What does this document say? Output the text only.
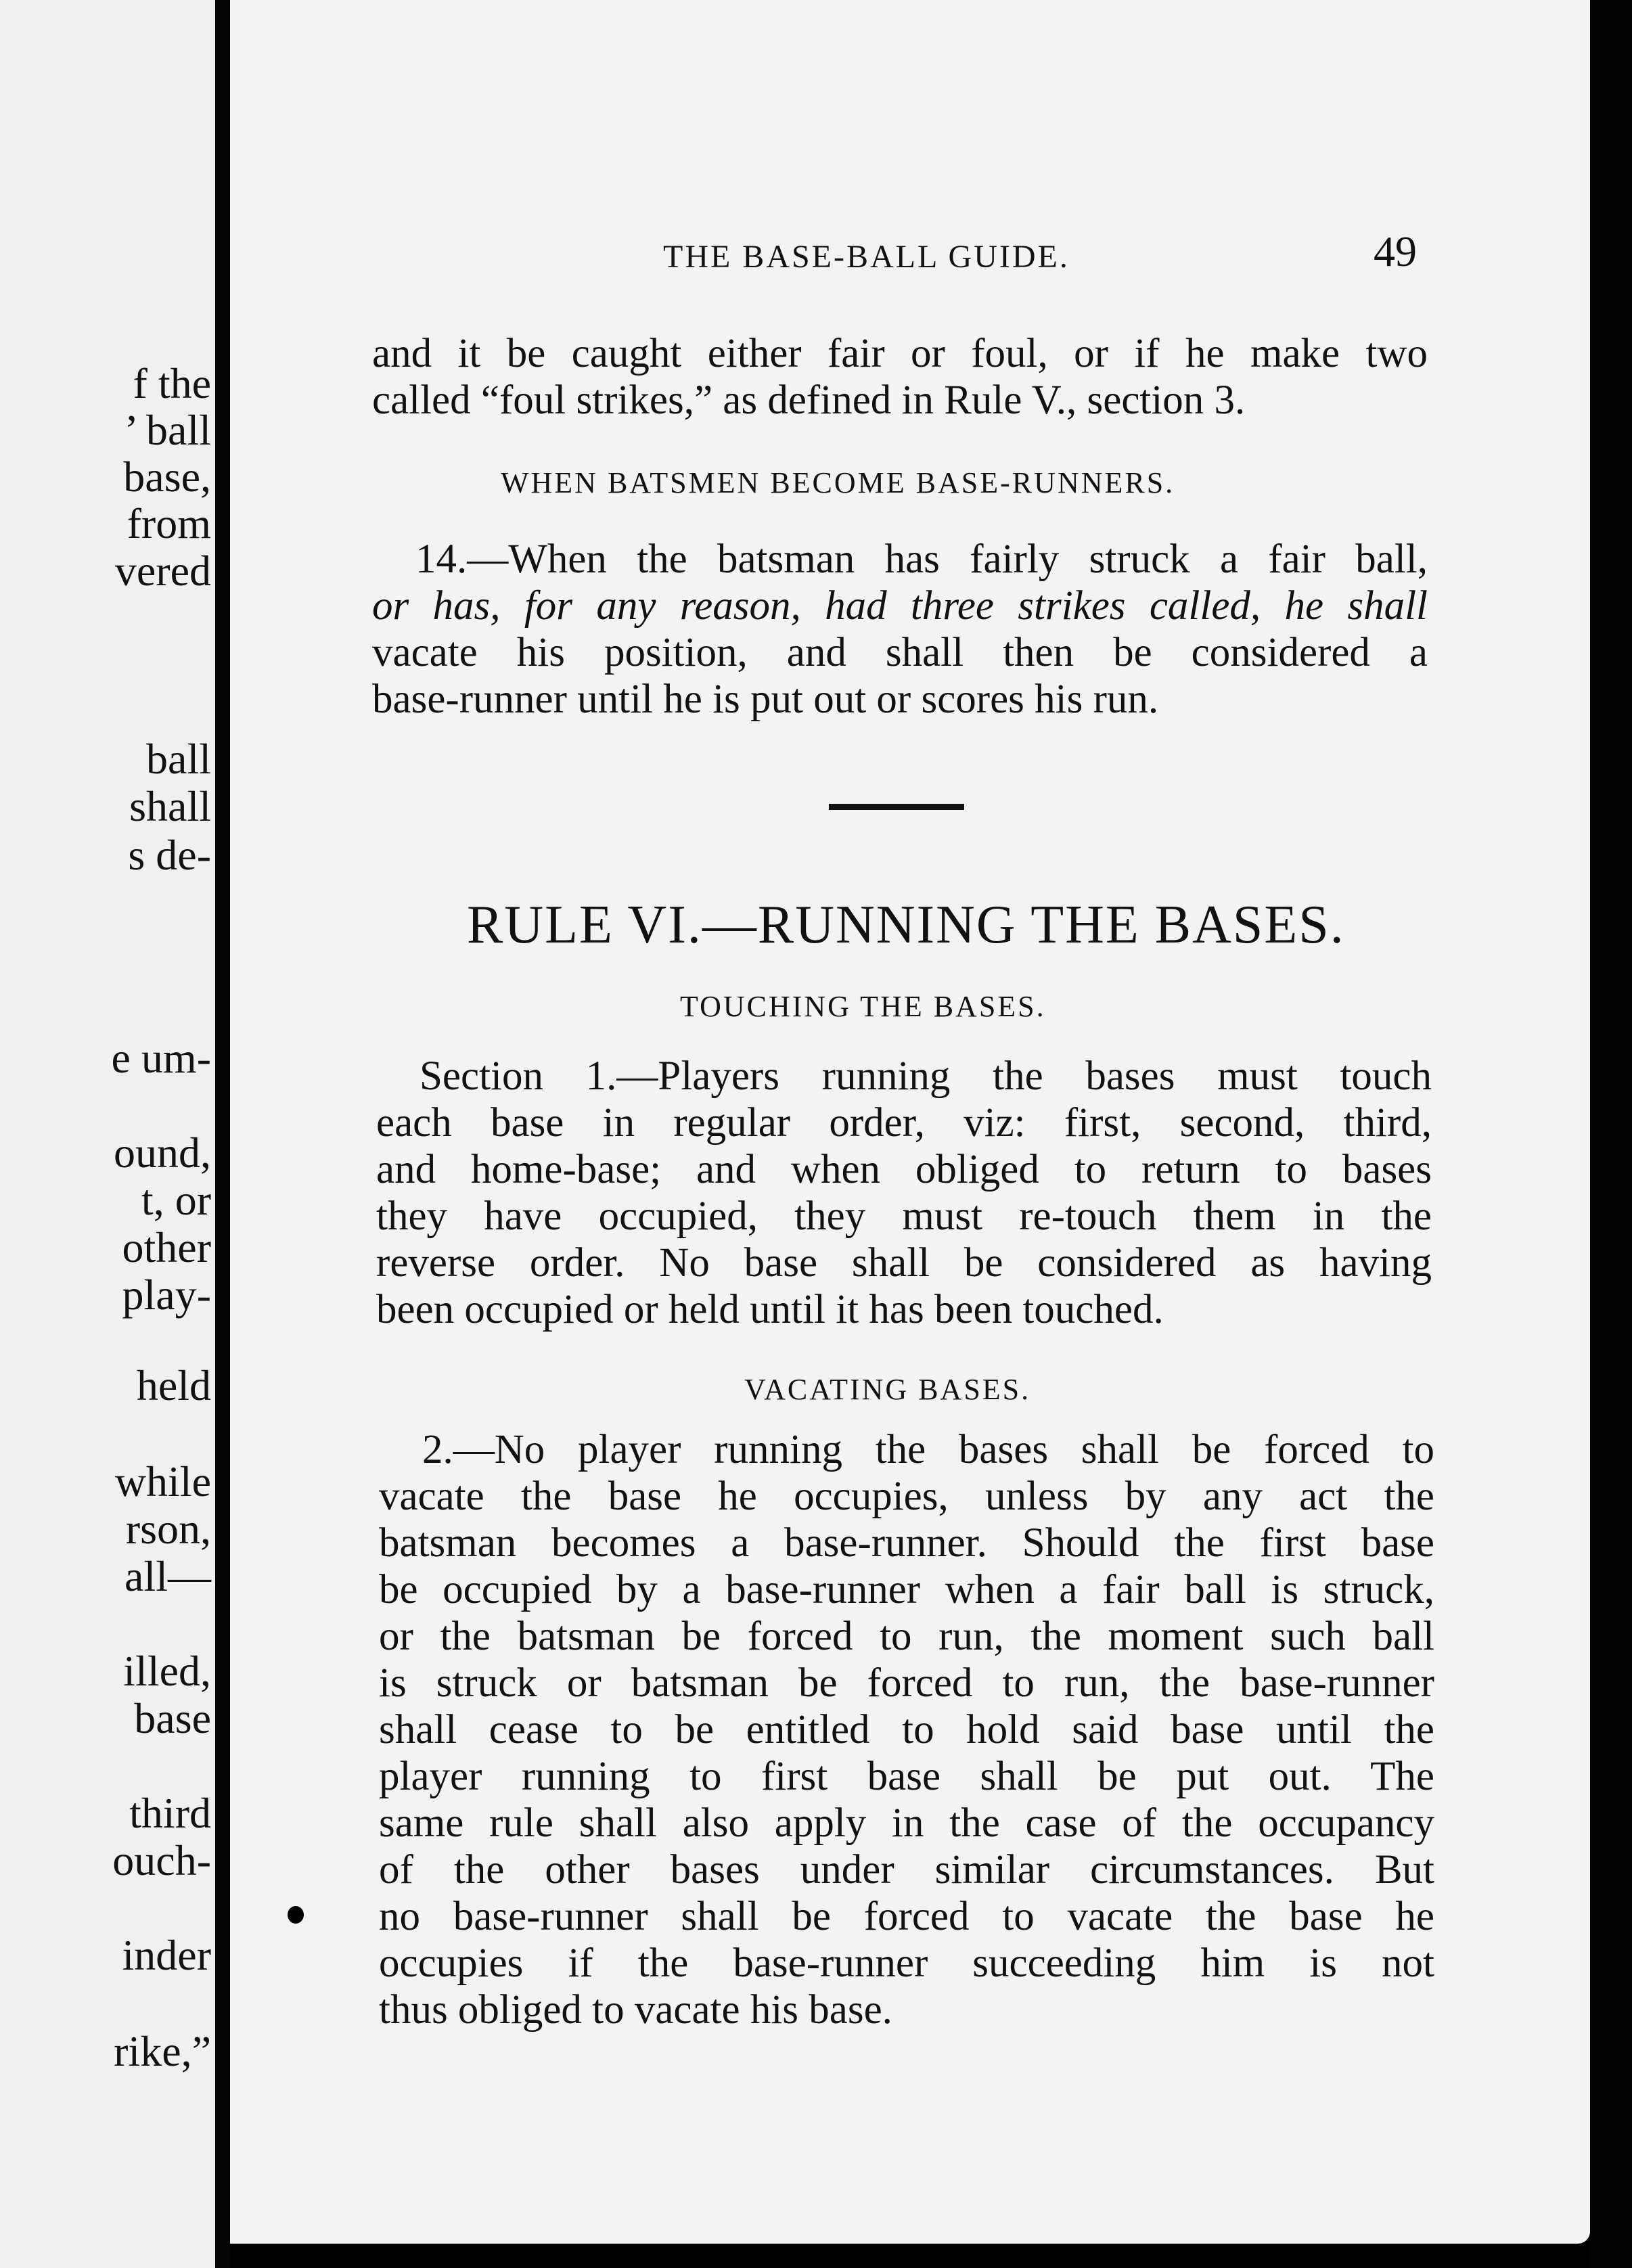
f the
’ ball
base,
from
vered
ball
shall
s de-
e um-
ound,
t, or
other
play-
held
while
rson,
all—
illed,
base
third
ouch-
inder
rike,”
THE BASE-BALL GUIDE.	49
and it be caught either fair or foul, or if he make two
called “foul strikes,” as defined in Rule V., section 3.
WHEN BATSMEN BECOME BASE-RUNNERS.
14.—When the batsman has fairly struck a fair ball,
or has, for any reason, had three strikes called, he shall
vacate his position, and shall then be considered a
base-runner until he is put out or scores his run.
RULE VI.—RUNNING THE BASES.
TOUCHING THE BASES.
Section 1.—Players running the bases must touch
each base in regular order, viz: first, second, third,
and home-base; and when obliged to return to bases
they have occupied, they must re-touch them in the
reverse order. No base shall be considered as having
been occupied or held until it has been touched.
VACATING BASES.
2.—No player running the bases shall be forced to
vacate the base he occupies, unless by any act the
batsman becomes a base-runner. Should the first base
be occupied by a base-runner when a fair ball is struck,
or the batsman be forced to run, the moment such ball
is struck or batsman be forced to run, the base-runner
shall cease to be entitled to hold said base until the
player running to first base shall be put out. The
same rule shall also apply in the case of the occupancy
of the other bases under similar circumstances. But
no base-runner shall be forced to vacate the base he
occupies if the base-runner succeeding him is not
thus obliged to vacate his base.
